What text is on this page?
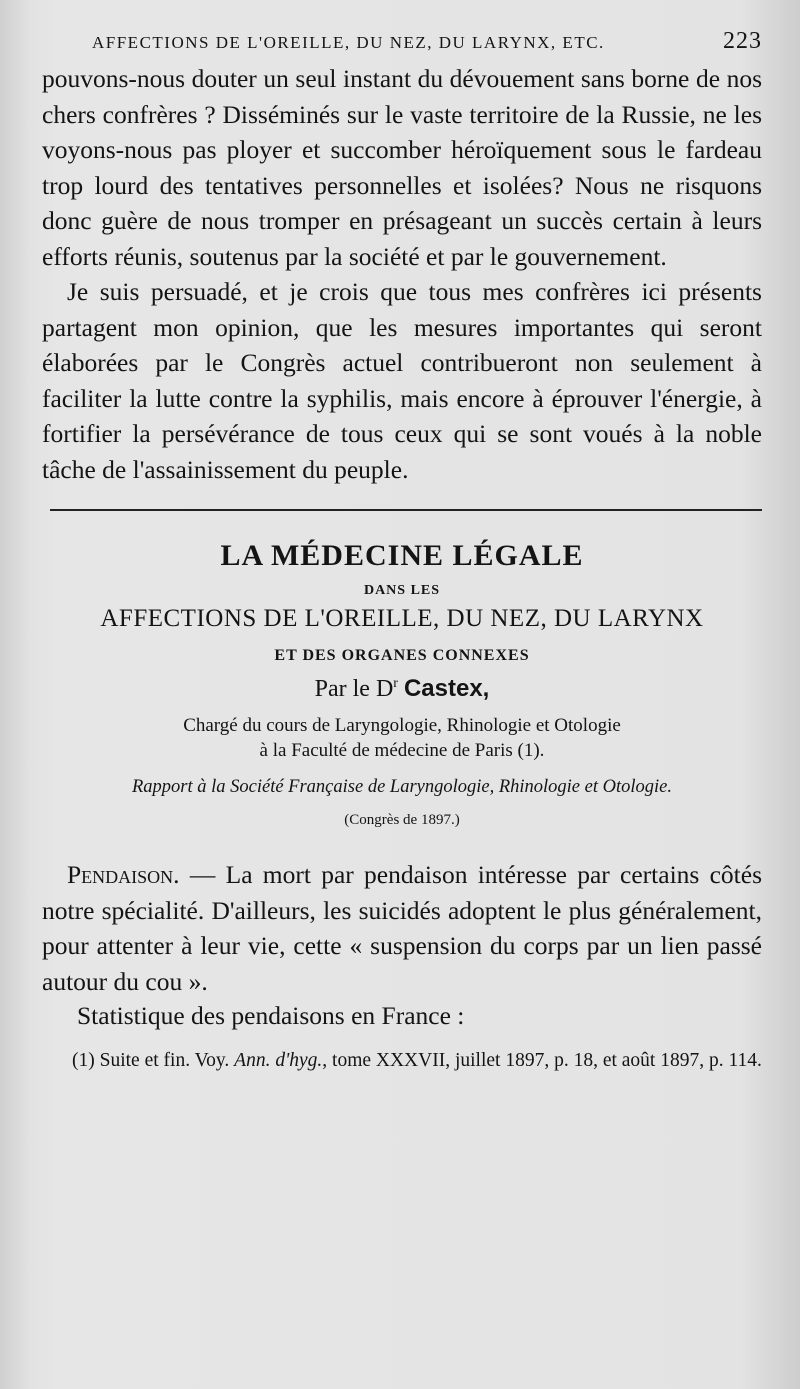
AFFECTIONS DE L'OREILLE, DU NEZ, DU LARYNX, ETC.	223

pouvons-nous douter un seul instant du dévouement sans borne de nos chers confrères ? Disséminés sur le vaste territoire de la Russie, ne les voyons-nous pas ployer et succomber héroïquement sous le fardeau trop lourd des tentatives personnelles et isolées? Nous ne risquons donc guère de nous tromper en présageant un succès certain à leurs efforts réunis, soutenus par la société et par le gouvernement.

Je suis persuadé, et je crois que tous mes confrères ici présents partagent mon opinion, que les mesures importantes qui seront élaborées par le Congrès actuel contribueront non seulement à faciliter la lutte contre la syphilis, mais encore à éprouver l'énergie, à fortifier la persévérance de tous ceux qui se sont voués à la noble tâche de l'assainissement du peuple.

LA MÉDECINE LÉGALE
DANS LES
AFFECTIONS DE L'OREILLE, DU NEZ, DU LARYNX
ET DES ORGANES CONNEXES
Par le $D^r$ Castex,
Chargé du cours de Laryngologie, Rhinologie et Otologie
à la Faculté de médecine de Paris (1).
Rapport à la Société Française de Laryngologie, Rhinologie et Otologie.
(Congrès de 1897.)

Pendaison. — La mort par pendaison intéresse par certains côtés notre spécialité. D'ailleurs, les suicidés adoptent le plus généralement, pour attenter à leur vie, cette « suspension du corps par un lien passé autour du cou ».

Statistique des pendaisons en France :

(1) Suite et fin. Voy. Ann. d'hyg., tome XXXVII, juillet 1897, p. 18, et août 1897, p. 114.
